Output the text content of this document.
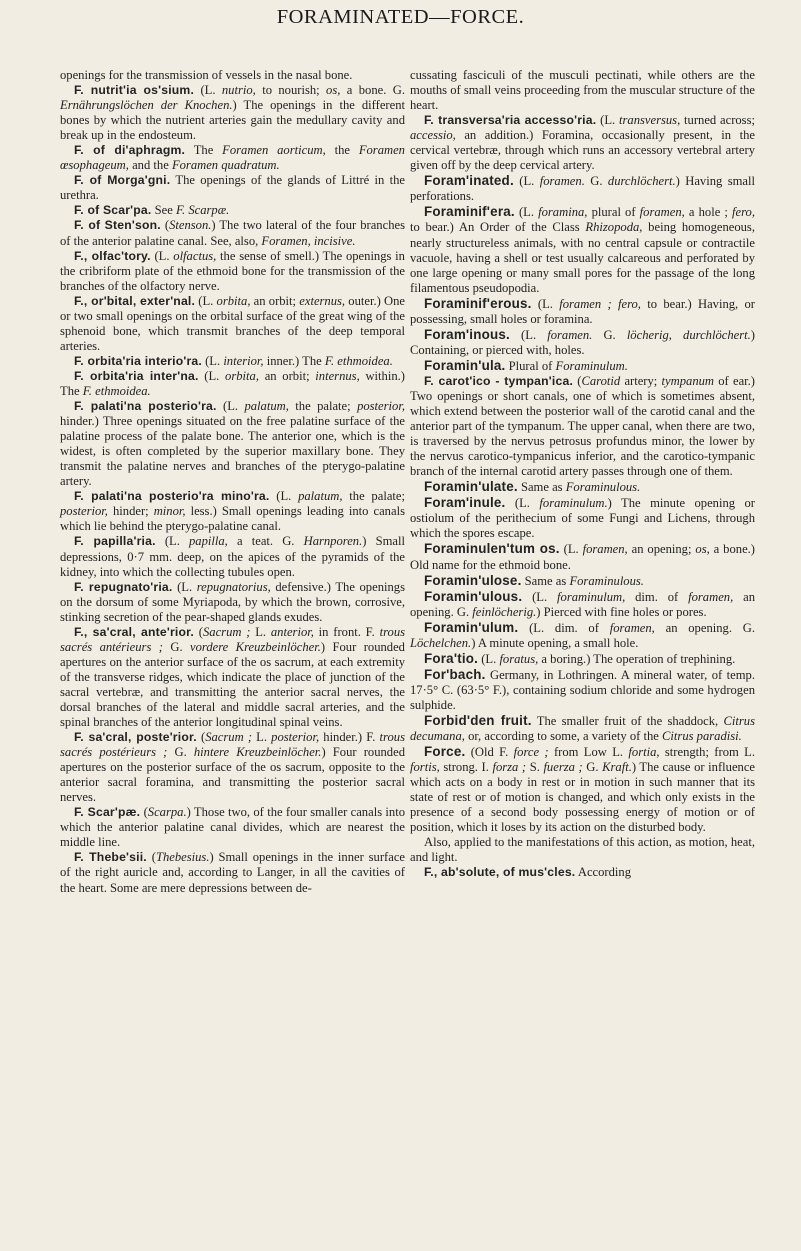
FORAMINATED—FORCE.

openings for the transmission of vessels in the nasal bone.

F. nutrit'ia os'sium. (L. nutrio, to nourish; os, a bone. G. Ernährungslöchen der Knochen.) The openings in the different bones by which the nutrient arteries gain the medullary cavity and break up in the endosteum.

F. of di'aphragm. The Foramen aorticum, the Foramen œsophageum, and the Foramen quadratum.

F. of Morga'gni. The openings of the glands of Littré in the urethra.

F. of Scar'pa. See F. Scarpæ.

F. of Sten'son. (Stenson.) The two lateral of the four branches of the anterior palatine canal. See, also, Foramen, incisive.

F., olfac'tory. (L. olfactus, the sense of smell.) The openings in the cribriform plate of the ethmoid bone for the transmission of the branches of the olfactory nerve.

F., or'bital, exter'nal. (L. orbita, an orbit; externus, outer.) One or two small openings on the orbital surface of the great wing of the sphenoid bone, which transmit branches of the deep temporal arteries.

F. orbita'ria interio'ra. (L. interior, inner.) The F. ethmoidea.

F. orbita'ria inter'na. (L. orbita, an orbit; internus, within.) The F. ethmoidea.

F. palati'na posterio'ra. (L. palatum, the palate; posterior, hinder.) Three openings situated on the free palatine surface of the palatine process of the palate bone. The anterior one, which is the widest, is often completed by the superior maxillary bone. They transmit the palatine nerves and branches of the pterygo-palatine artery.

F. palati'na posterio'ra mino'ra. (L. palatum, the palate; posterior, hinder; minor, less.) Small openings leading into canals which lie behind the pterygo-palatine canal.

F. papilla'ria. (L. papilla, a teat. G. Harnporen.) Small depressions, 0·7 mm. deep, on the apices of the pyramids of the kidney, into which the collecting tubules open.

F. repugnato'ria. (L. repugnatorius, defensive.) The openings on the dorsum of some Myriapoda, by which the brown, corrosive, stinking secretion of the pear-shaped glands exudes.

F., sa'cral, ante'rior. (Sacrum ; L. anterior, in front. F. trous sacrés antérieurs ; G. vordere Kreuzbeinlöcher.) Four rounded apertures on the anterior surface of the os sacrum, at each extremity of the transverse ridges, which indicate the place of junction of the sacral vertebræ, and transmitting the anterior sacral nerves, the dorsal branches of the lateral and middle sacral arteries, and the spinal branches of the anterior longitudinal spinal veins.

F. sa'cral, poste'rior. (Sacrum ; L. posterior, hinder.) F. trous sacrés postérieurs ; G. hintere Kreuzbeinlöcher.) Four rounded apertures on the posterior surface of the os sacrum, opposite to the anterior sacral foramina, and transmitting the posterior sacral nerves.

F. Scar'pæ. (Scarpa.) Those two, of the four smaller canals into which the anterior palatine canal divides, which are nearest the middle line.

F. Thebe'sii. (Thebesius.) Small openings in the inner surface of the right auricle and, according to Langer, in all the cavities of the heart. Some are mere depressions between de-

cussating fasciculi of the musculi pectinati, while others are the mouths of small veins proceeding from the muscular structure of the heart.

F. transversa'ria accesso'ria. (L. transversus, turned across; accessio, an addition.) Foramina, occasionally present, in the cervical vertebræ, through which runs an accessory vertebral artery given off by the deep cervical artery.

Foram'inated. (L. foramen. G. durchlöchert.) Having small perforations.

Foraminif'era. (L. foramina, plural of foramen, a hole ; fero, to bear.) An Order of the Class Rhizopoda, being homogeneous, nearly structureless animals, with no central capsule or contractile vacuole, having a shell or test usually calcareous and perforated by one large opening or many small pores for the passage of the long filamentous pseudopodia.

Foraminif'erous. (L. foramen ; fero, to bear.) Having, or possessing, small holes or foramina.

Foram'inous. (L. foramen. G. löcherig, durchlöchert.) Containing, or pierced with, holes.

Foramin'ula. Plural of Foraminulum.

F. carot'ico - tympan'ica. (Carotid artery; tympanum of ear.) Two openings or short canals, one of which is sometimes absent, which extend between the posterior wall of the carotid canal and the anterior part of the tympanum. The upper canal, when there are two, is traversed by the nervus petrosus profundus minor, the lower by the nervus carotico-tympanicus inferior, and the carotico-tympanic branch of the internal carotid artery passes through one of them.

Foramin'ulate. Same as Foraminulous.

Foram'inule. (L. foraminulum.) The minute opening or ostiolum of the perithecium of some Fungi and Lichens, through which the spores escape.

Foraminulen'tum os. (L. foramen, an opening; os, a bone.) Old name for the ethmoid bone.

Foramin'ulose. Same as Foraminulous.

Foramin'ulous. (L. foraminulum, dim. of foramen, an opening. G. feinlöcherig.) Pierced with fine holes or pores.

Foramin'ulum. (L. dim. of foramen, an opening. G. Löchelchen.) A minute opening, a small hole.

Fora'tio. (L. foratus, a boring.) The operation of trephining.

For'bach. Germany, in Lothringen. A mineral water, of temp. 17·5° C. (63·5° F.), containing sodium chloride and some hydrogen sulphide.

Forbid'den fruit. The smaller fruit of the shaddock, Citrus decumana, or, according to some, a variety of the Citrus paradisi.

Force. (Old F. force ; from Low L. fortia, strength; from L. fortis, strong. I. forza ; S. fuerza ; G. Kraft.) The cause or influence which acts on a body in rest or in motion in such manner that its state of rest or of motion is changed, and which only exists in the presence of a second body possessing energy of motion or of position, which it loses by its action on the disturbed body.

Also, applied to the manifestations of this action, as motion, heat, and light.

F., ab'solute, of mus'cles. According
